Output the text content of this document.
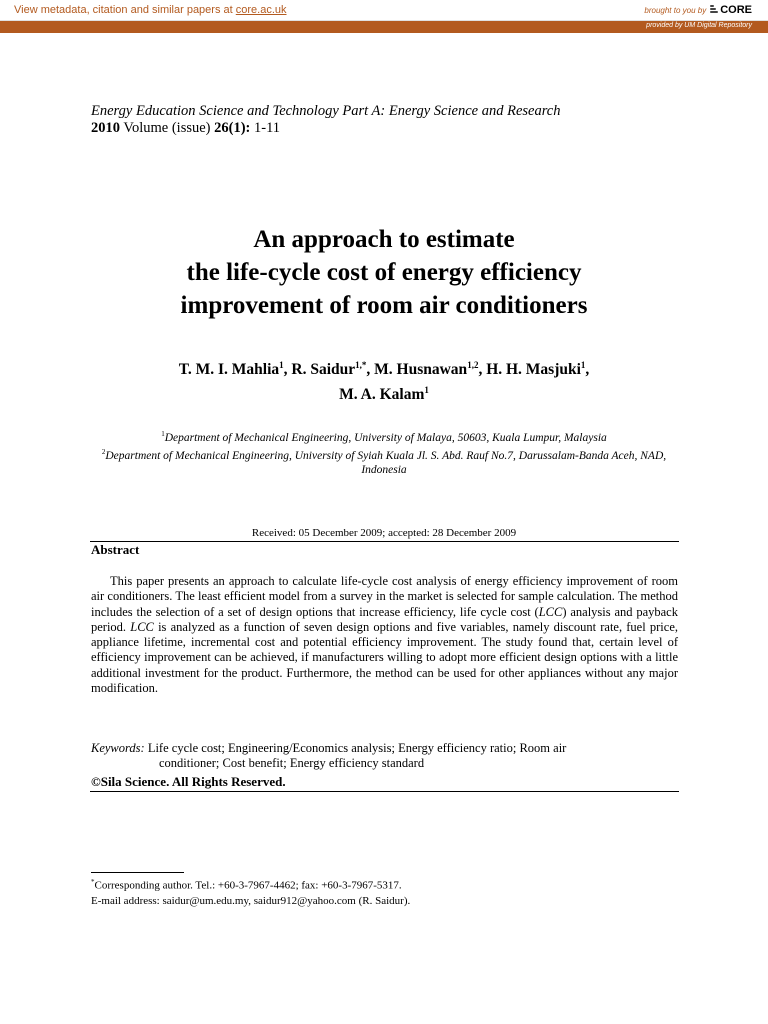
View metadata, citation and similar papers at core.ac.uk	brought to you by CORE
provided by UM Digital Repository
Energy Education Science and Technology Part A: Energy Science and Research
2010 Volume (issue) 26(1): 1-11
An approach to estimate
the life-cycle cost of energy efficiency
improvement of room air conditioners
T. M. I. Mahlia$^1$, R. Saidur$^{1,*}$, M. Husnawan$^{1,2}$, H. H. Masjuki$^1$,
M. A. Kalam$^1$
$^1$Department of Mechanical Engineering, University of Malaya, 50603, Kuala Lumpur, Malaysia
$^2$Department of Mechanical Engineering, University of Syiah Kuala Jl. S. Abd. Rauf No.7, Darussalam-Banda Aceh, NAD, Indonesia
Received: 05 December 2009; accepted: 28 December 2009
Abstract

This paper presents an approach to calculate life-cycle cost analysis of energy efficiency improvement of room air conditioners. The least efficient model from a survey in the market is selected for sample calculation. The method includes the selection of a set of design options that increase efficiency, life cycle cost (LCC) analysis and payback period. LCC is analyzed as a function of seven design options and five variables, namely discount rate, fuel price, appliance lifetime, incremental cost and potential efficiency improvement. The study found that, certain level of efficiency improvement can be achieved, if manufacturers willing to adopt more efficient design options with a little additional investment for the product. Furthermore, the method can be used for other appliances without any major modification.

Keywords: Life cycle cost; Engineering/Economics analysis; Energy efficiency ratio; Room air
conditioner; Cost benefit; Energy efficiency standard
©Sila Science. All Rights Reserved.
*Corresponding author. Tel.: +60-3-7967-4462; fax: +60-3-7967-5317.
E-mail address: saidur@um.edu.my, saidur912@yahoo.com (R. Saidur).
